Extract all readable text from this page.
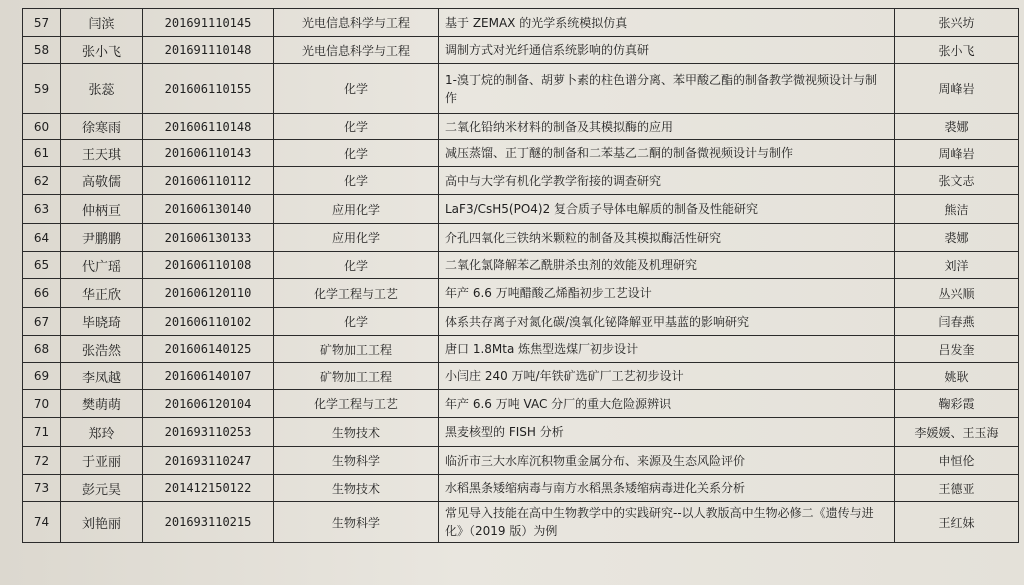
57	闫滨	201691110145	光电信息科学与工程	基于 ZEMAX 的光学系统模拟仿真	张兴坊
58	张小飞	201691110148	光电信息科学与工程	调制方式对光纤通信系统影响的仿真研	张小飞
59	张蕊	201606110155	化学	1-溴丁烷的制备、胡萝卜素的柱色谱分离、苯甲酸乙酯的制备教学微视频设计与制作	周峰岩
60	徐寒雨	201606110148	化学	二氧化铅纳米材料的制备及其模拟酶的应用	裘娜
61	王天琪	201606110143	化学	减压蒸馏、正丁醚的制备和二苯基乙二酮的制备微视频设计与制作	周峰岩
62	高敬儒	201606110112	化学	高中与大学有机化学教学衔接的调查研究	张文志
63	仲柄亘	201606130140	应用化学	LaF3/CsH5(PO4)2 复合质子导体电解质的制备及性能研究	熊洁
64	尹鹏鹏	201606130133	应用化学	介孔四氧化三铁纳米颗粒的制备及其模拟酶活性研究	裘娜
65	代广瑶	201606110108	化学	二氧化氯降解苯乙酰肼杀虫剂的效能及机理研究	刘洋
66	华正欣	201606120110	化学工程与工艺	年产 6.6 万吨醋酸乙烯酯初步工艺设计	丛兴顺
67	毕晓琦	201606110102	化学	体系共存离子对氮化碳/溴氧化铋降解亚甲基蓝的影响研究	闫春燕
68	张浩然	201606140125	矿物加工工程	唐口 1.8Mta 炼焦型选煤厂初步设计	吕发奎
69	李凤越	201606140107	矿物加工工程	小闫庄 240 万吨/年铁矿选矿厂工艺初步设计	姚耿
70	樊萌萌	201606120104	化学工程与工艺	年产 6.6 万吨 VAC 分厂的重大危险源辨识	鞠彩霞
71	郑玲	201693110253	生物技术	黑麦核型的 FISH 分析	李媛媛、王玉海
72	于亚丽	201693110247	生物科学	临沂市三大水库沉积物重金属分布、来源及生态风险评价	申恒伦
73	彭元昊	201412150122	生物技术	水稻黑条矮缩病毒与南方水稻黑条矮缩病毒进化关系分析	王德亚
74	刘艳丽	201693110215	生物科学	常见导入技能在高中生物教学中的实践研究--以人教版高中生物必修二《遗传与进化》（2019 版）为例	王红妹
